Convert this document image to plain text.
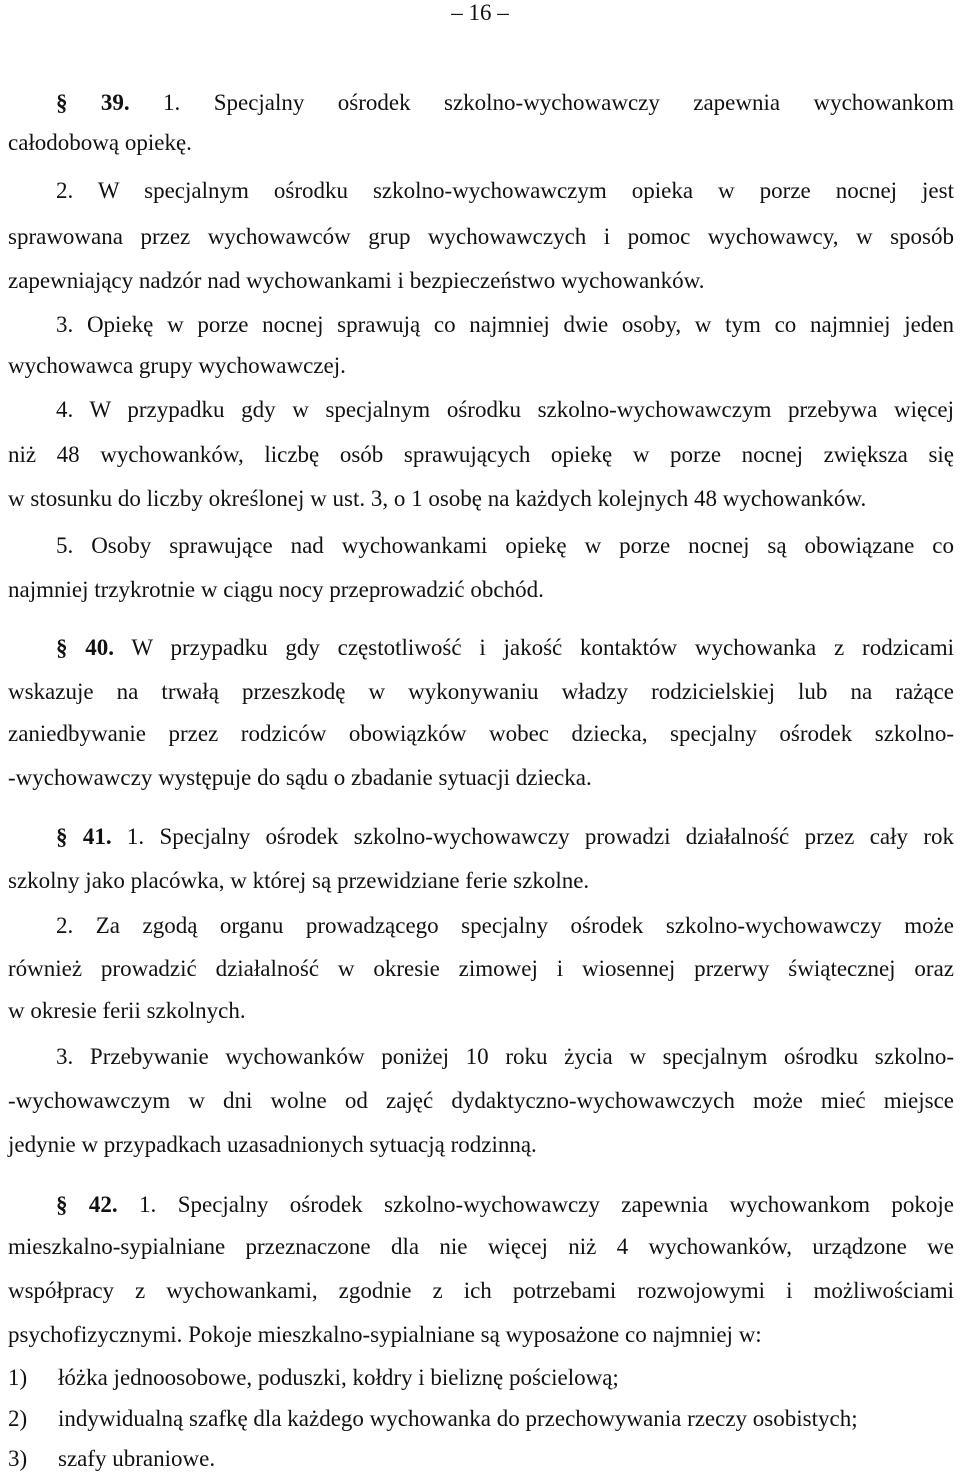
– 16 –
§ 39. 1. Specjalny ośrodek szkolno-wychowawczy zapewnia wychowankom
całodobową opiekę.
2. W specjalnym ośrodku szkolno-wychowawczym opieka w porze nocnej jest
sprawowana przez wychowawców grup wychowawczych i pomoc wychowawcy, w sposób
zapewniający nadzór nad wychowankami i bezpieczeństwo wychowanków.
3. Opiekę w porze nocnej sprawują co najmniej dwie osoby, w tym co najmniej jeden
wychowawca grupy wychowawczej.
4. W przypadku gdy w specjalnym ośrodku szkolno-wychowawczym przebywa więcej
niż 48 wychowanków, liczbę osób sprawujących opiekę w porze nocnej zwiększa się
w stosunku do liczby określonej w ust. 3, o 1 osobę na każdych kolejnych 48 wychowanków.
5. Osoby sprawujące nad wychowankami opiekę w porze nocnej są obowiązane co
najmniej trzykrotnie w ciągu nocy przeprowadzić obchód.
§ 40. W przypadku gdy częstotliwość i jakość kontaktów wychowanka z rodzicami
wskazuje na trwałą przeszkodę w wykonywaniu władzy rodzicielskiej lub na rażące
zaniedbywanie przez rodziców obowiązków wobec dziecka, specjalny ośrodek szkolno-
-wychowawczy występuje do sądu o zbadanie sytuacji dziecka.
§ 41. 1. Specjalny ośrodek szkolno-wychowawczy prowadzi działalność przez cały rok
szkolny jako placówka, w której są przewidziane ferie szkolne.
2. Za zgodą organu prowadzącego specjalny ośrodek szkolno-wychowawczy może
również prowadzić działalność w okresie zimowej i wiosennej przerwy świątecznej oraz
w okresie ferii szkolnych.
3. Przebywanie wychowanków poniżej 10 roku życia w specjalnym ośrodku szkolno-
-wychowawczym w dni wolne od zajęć dydaktyczno-wychowawczych może mieć miejsce
jedynie w przypadkach uzasadnionych sytuacją rodzinną.
§ 42. 1. Specjalny ośrodek szkolno-wychowawczy zapewnia wychowankom pokoje
mieszkalno-sypialniane przeznaczone dla nie więcej niż 4 wychowanków, urządzone we
współpracy z wychowankami, zgodnie z ich potrzebami rozwojowymi i możliwościami
psychofizycznymi. Pokoje mieszkalno-sypialniane są wyposażone co najmniej w:
1) łóżka jednoosobowe, poduszki, kołdry i bieliznę pościelową;
2) indywidualną szafkę dla każdego wychowanka do przechowywania rzeczy osobistych;
3) szafy ubraniowe.
